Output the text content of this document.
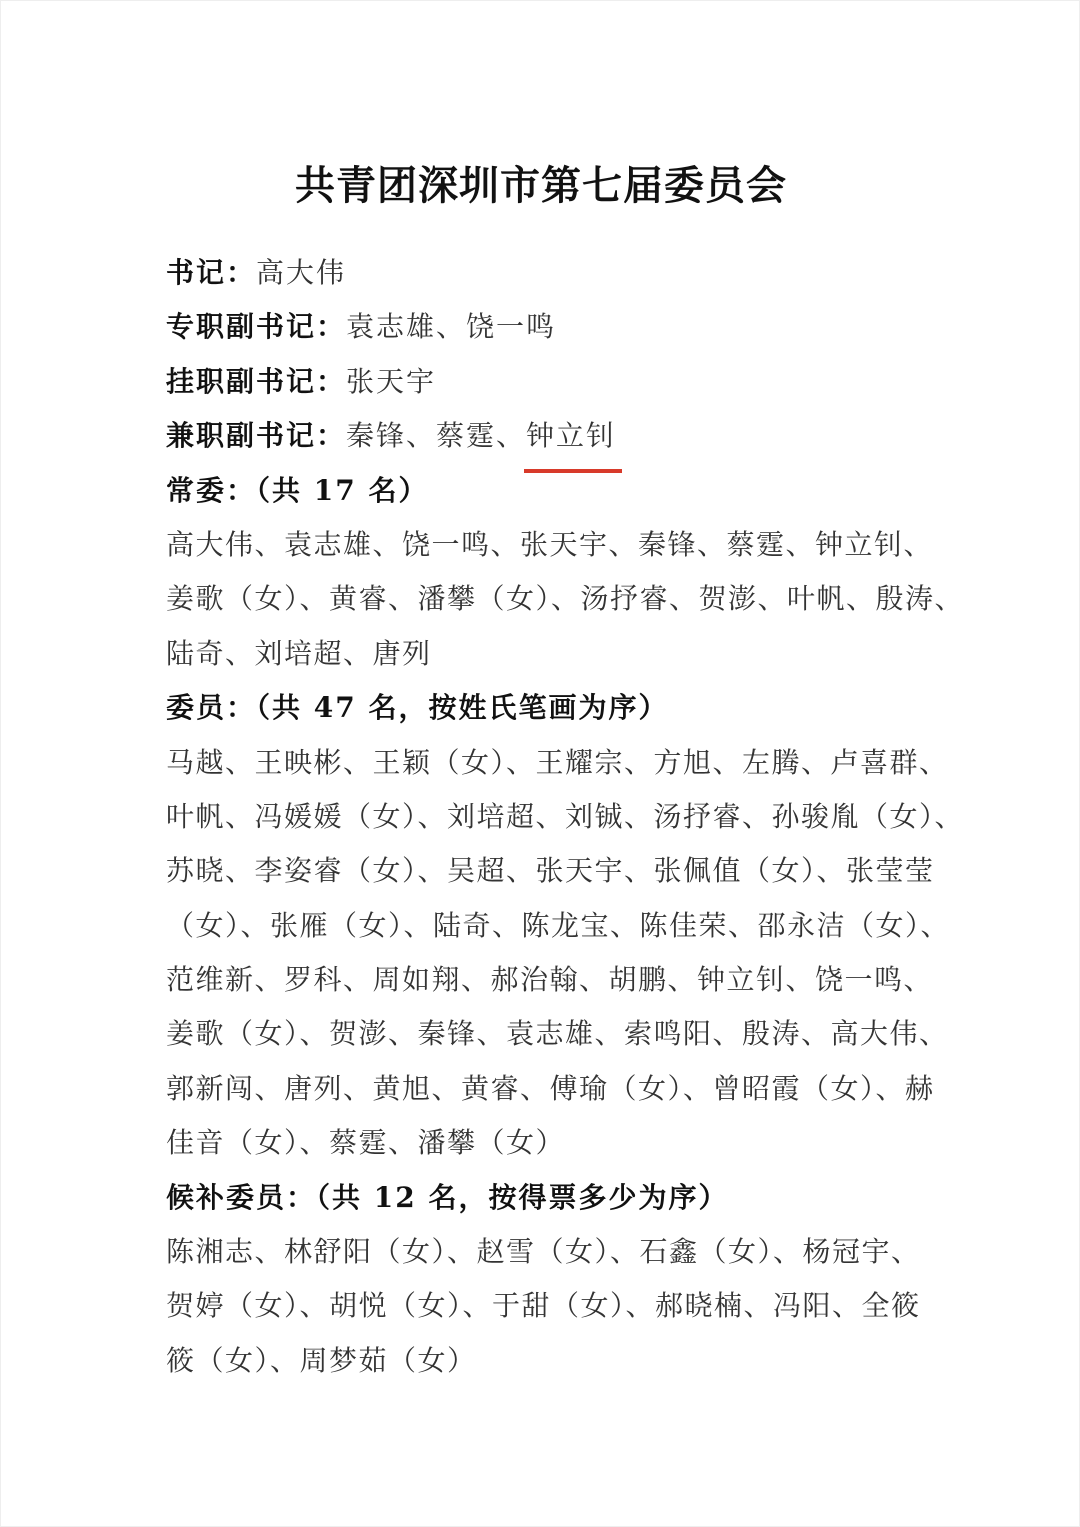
共青团深圳市第七届委员会
书记：高大伟
专职副书记：袁志雄、饶一鸣
挂职副书记：张天宇
兼职副书记：秦锋、蔡霆、钟立钊
常委：（共 17 名）
高大伟、袁志雄、饶一鸣、张天宇、秦锋、蔡霆、钟立钊、
姜歌（女）、黄睿、潘攀（女）、汤抒睿、贺澎、叶帆、殷涛、
陆奇、刘培超、唐列
委员：（共 47 名，按姓氏笔画为序）
马越、王映彬、王颖（女）、王耀宗、方旭、左腾、卢喜群、
叶帆、冯媛媛（女）、刘培超、刘铖、汤抒睿、孙骏胤（女）、
苏晓、李姿睿（女）、吴超、张天宇、张佩值（女）、张莹莹
（女）、张雁（女）、陆奇、陈龙宝、陈佳荣、邵永洁（女）、
范维新、罗科、周如翔、郝治翰、胡鹏、钟立钊、饶一鸣、
姜歌（女）、贺澎、秦锋、袁志雄、索鸣阳、殷涛、高大伟、
郭新闯、唐列、黄旭、黄睿、傅瑜（女）、曾昭霞（女）、赫
佳音（女）、蔡霆、潘攀（女）
候补委员：（共 12 名，按得票多少为序）
陈湘志、林舒阳（女）、赵雪（女）、石鑫（女）、杨冠宇、
贺婷（女）、胡悦（女）、于甜（女）、郝晓楠、冯阳、全筱
筱（女）、周梦茹（女）
